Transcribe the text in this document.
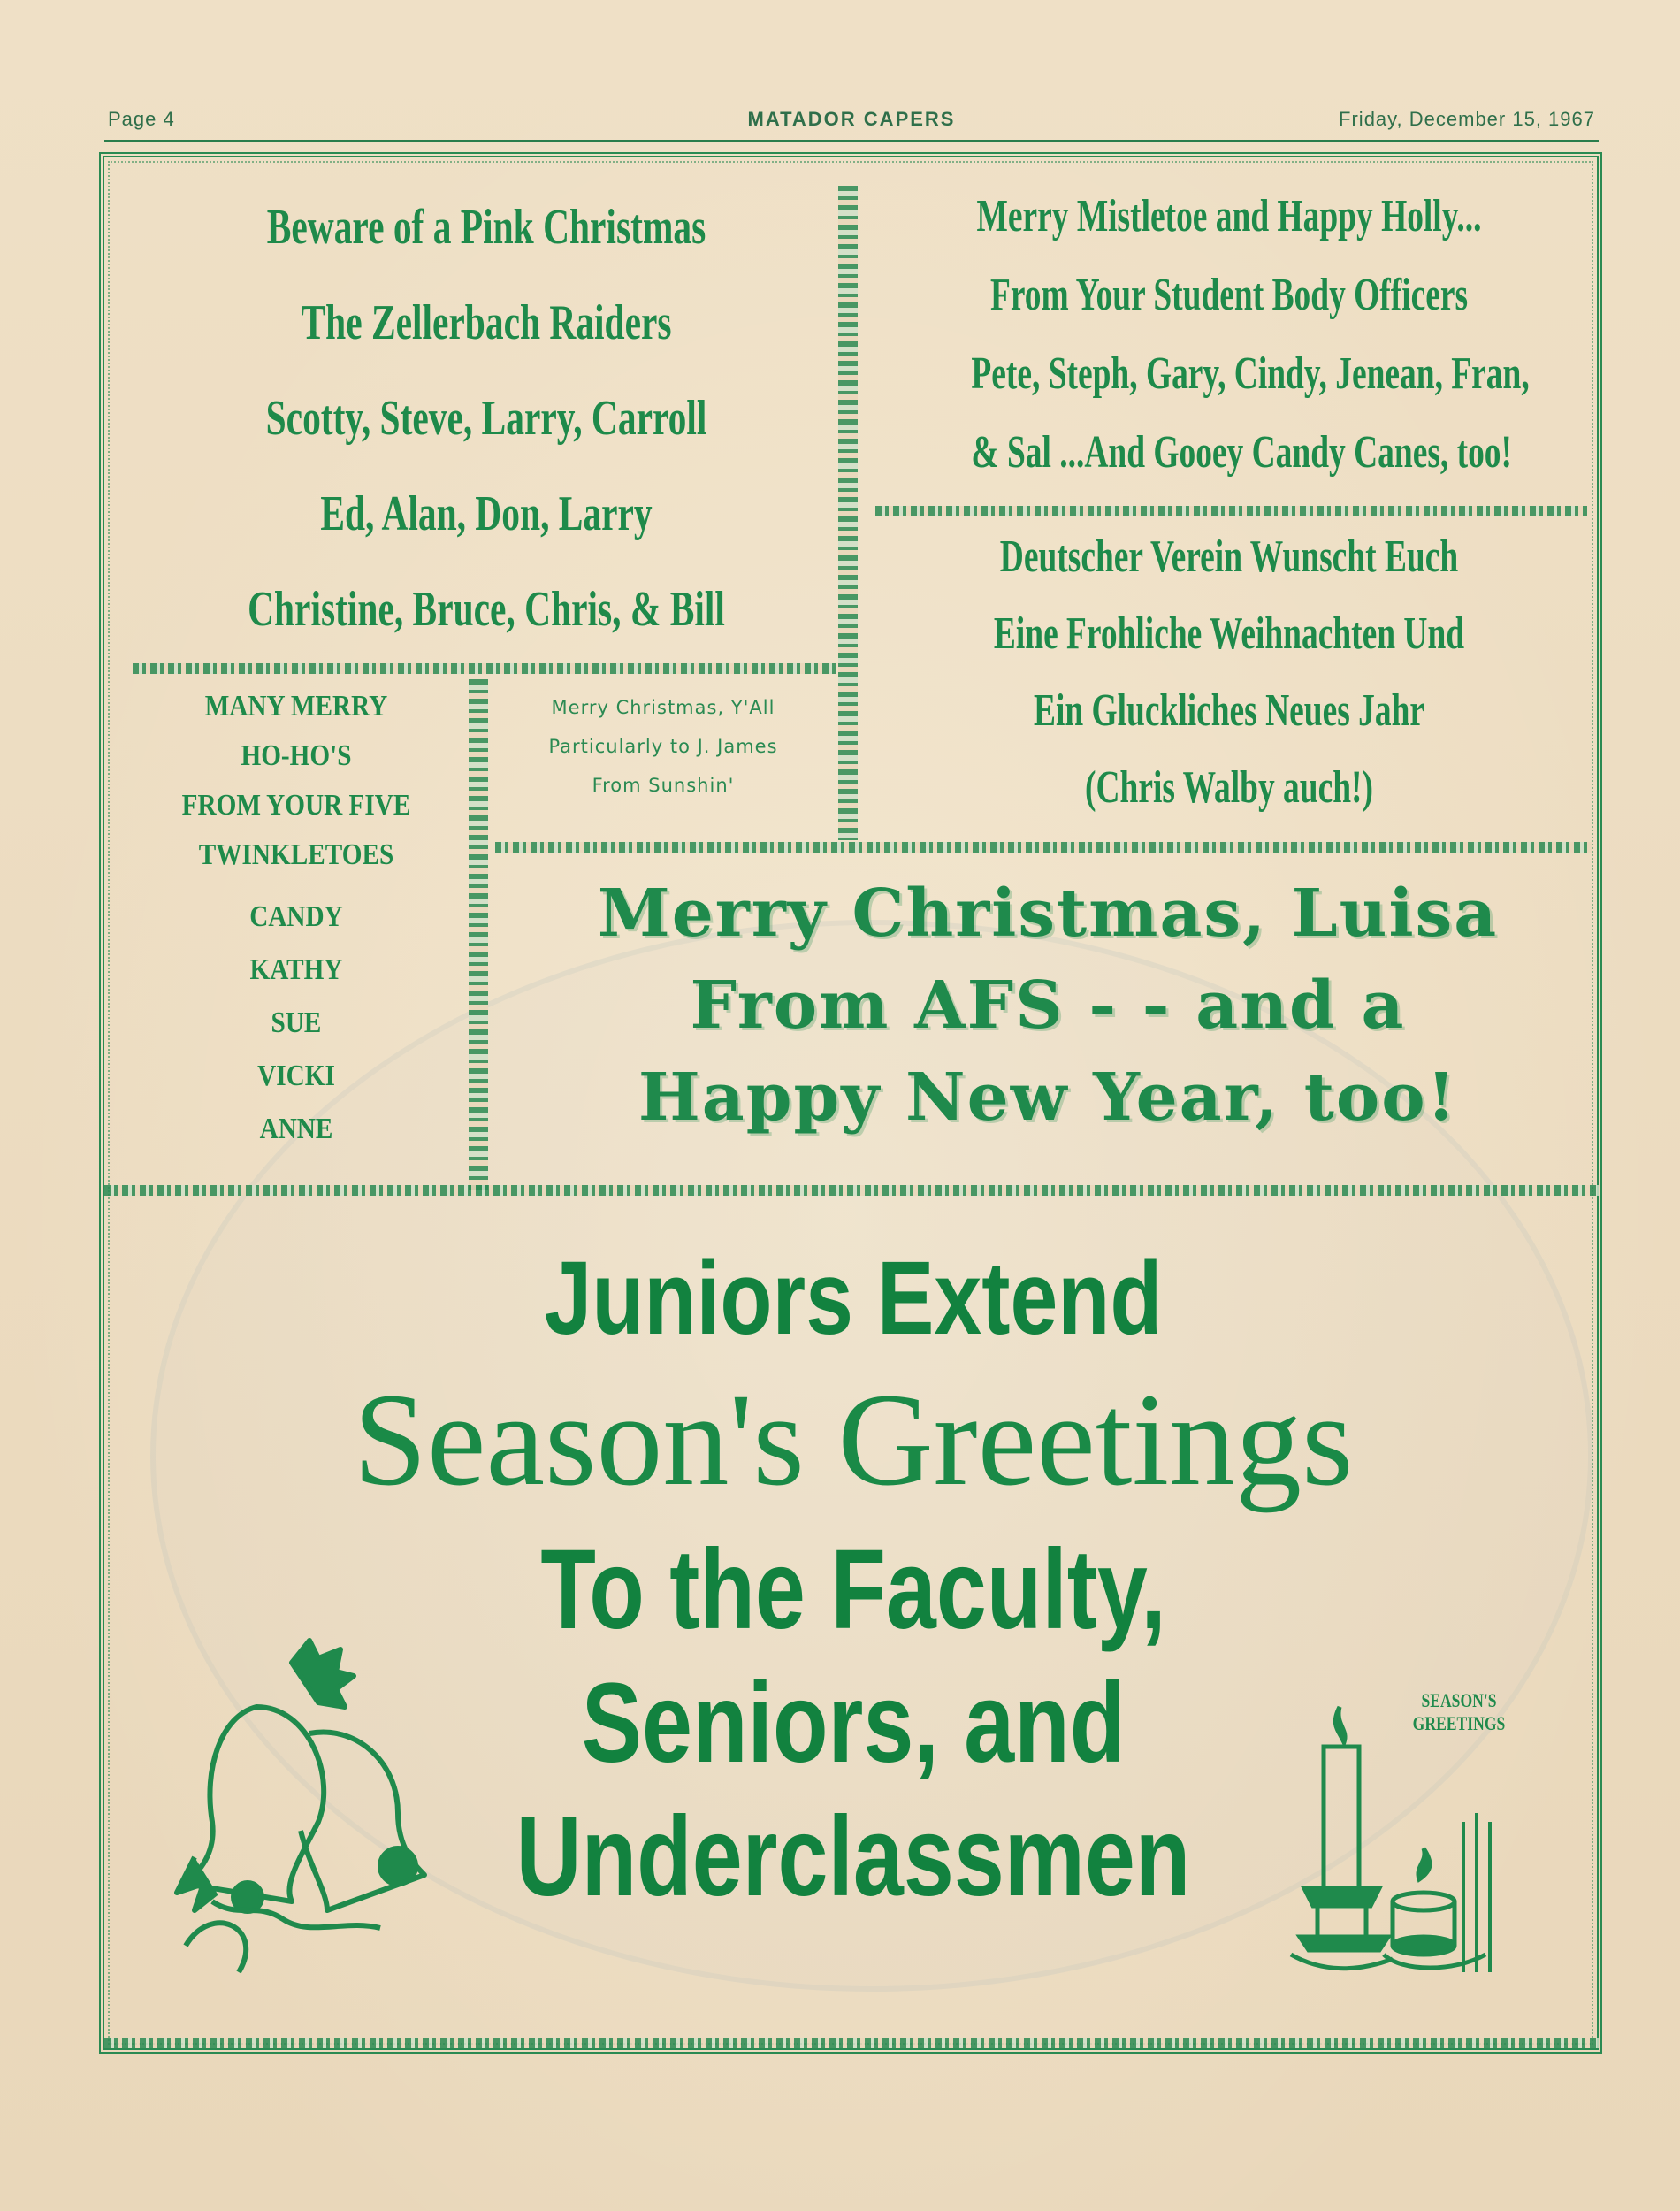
Page 4	MATADOR CAPERS	Friday, December 15, 1967
Beware of a Pink Christmas
The Zellerbach Raiders
Scotty, Steve, Larry, Carroll
Ed, Alan, Don, Larry
Christine, Bruce, Chris, & Bill
Merry Mistletoe and Happy Holly...
From Your Student Body Officers
Pete, Steph, Gary, Cindy, Jenean, Fran,
& Sal ...And Gooey Candy Canes, too!
Deutscher Verein Wunscht Euch
Eine Frohliche Weihnachten Und
Ein Gluckliches Neues Jahr
(Chris Walby auch!)
MANY MERRY
HO-HO'S
FROM YOUR FIVE
TWINKLETOES
CANDY
KATHY
SUE
VICKI
ANNE
Merry Christmas, Y'All
Particularly to J. James
From Sunshin'
Merry Christmas, Luisa
From AFS - - and a
Happy New Year, too!
Juniors Extend
Season's Greetings
To the Faculty,
Seniors, and
Underclassmen
SEASON'S
GREETINGS
